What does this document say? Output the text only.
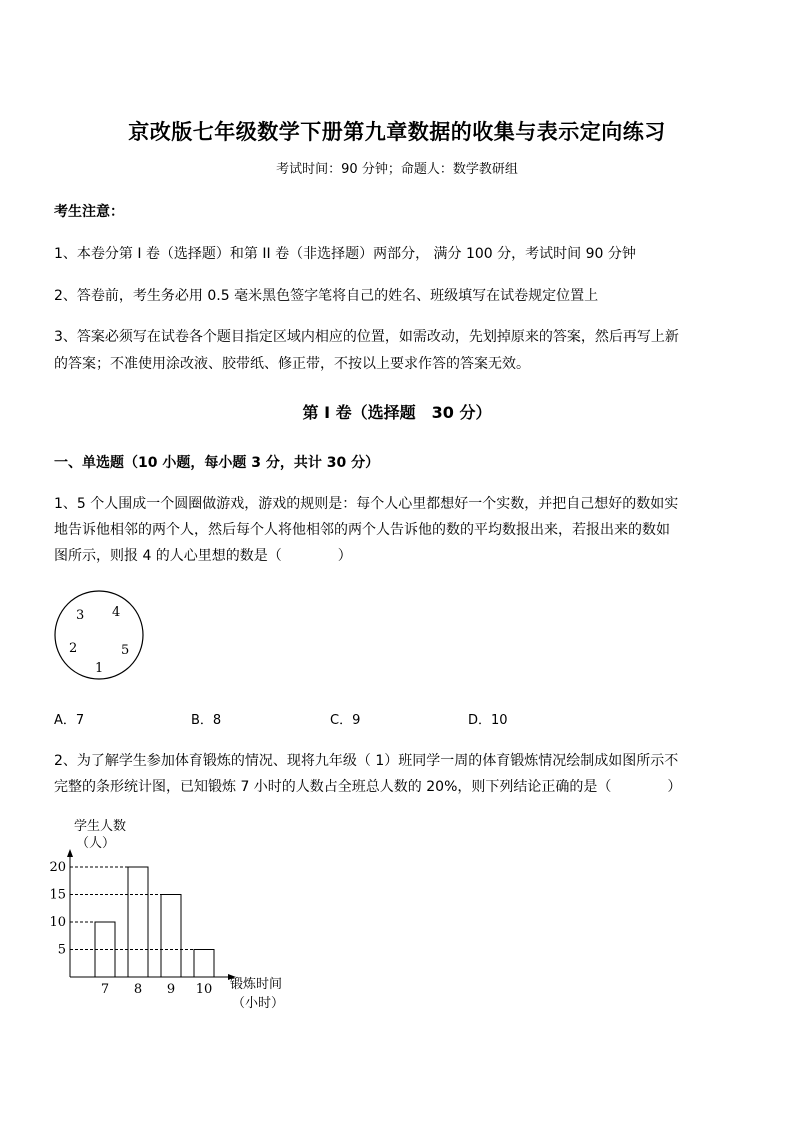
京改版七年级数学下册第九章数据的收集与表示定向练习
考试时间：90 分钟；命题人：数学教研组
考生注意：
1、本卷分第 I 卷（选择题）和第 II 卷（非选择题）两部分， 满分 100 分，考试时间 90 分钟
2、答卷前，考生务必用 0.5 毫米黑色签字笔将自己的姓名、班级填写在试卷规定位置上
3、答案必须写在试卷各个题目指定区域内相应的位置，如需改动，先划掉原来的答案，然后再写上新
的答案；不准使用涂改液、胶带纸、修正带，不按以上要求作答的答案无效。
第 I 卷（选择题　30 分）
一、单选题（10 小题，每小题 3 分，共计 30 分）
1、5 个人围成一个圆圈做游戏，游戏的规则是：每个人心里都想好一个实数，并把自己想好的数如实
地告诉他相邻的两个人，然后每个人将他相邻的两个人告诉他的数的平均数报出来，若报出来的数如
图所示，则报 4 的人心里想的数是（　　　　）
3 4
2	5
1
A．7	B．8	C．9	D．10
2、为了解学生参加体育锻炼的情况、现将九年级（ 1）班同学一周的体育锻炼情况绘制成如图所示不
完整的条形统计图，已知锻炼 7 小时的人数占全班总人数的 20%，则下列结论正确的是（　　　　）
学生人数
（人）
锻炼时间
（小时）
7 8 9 10
5
10
15
20
